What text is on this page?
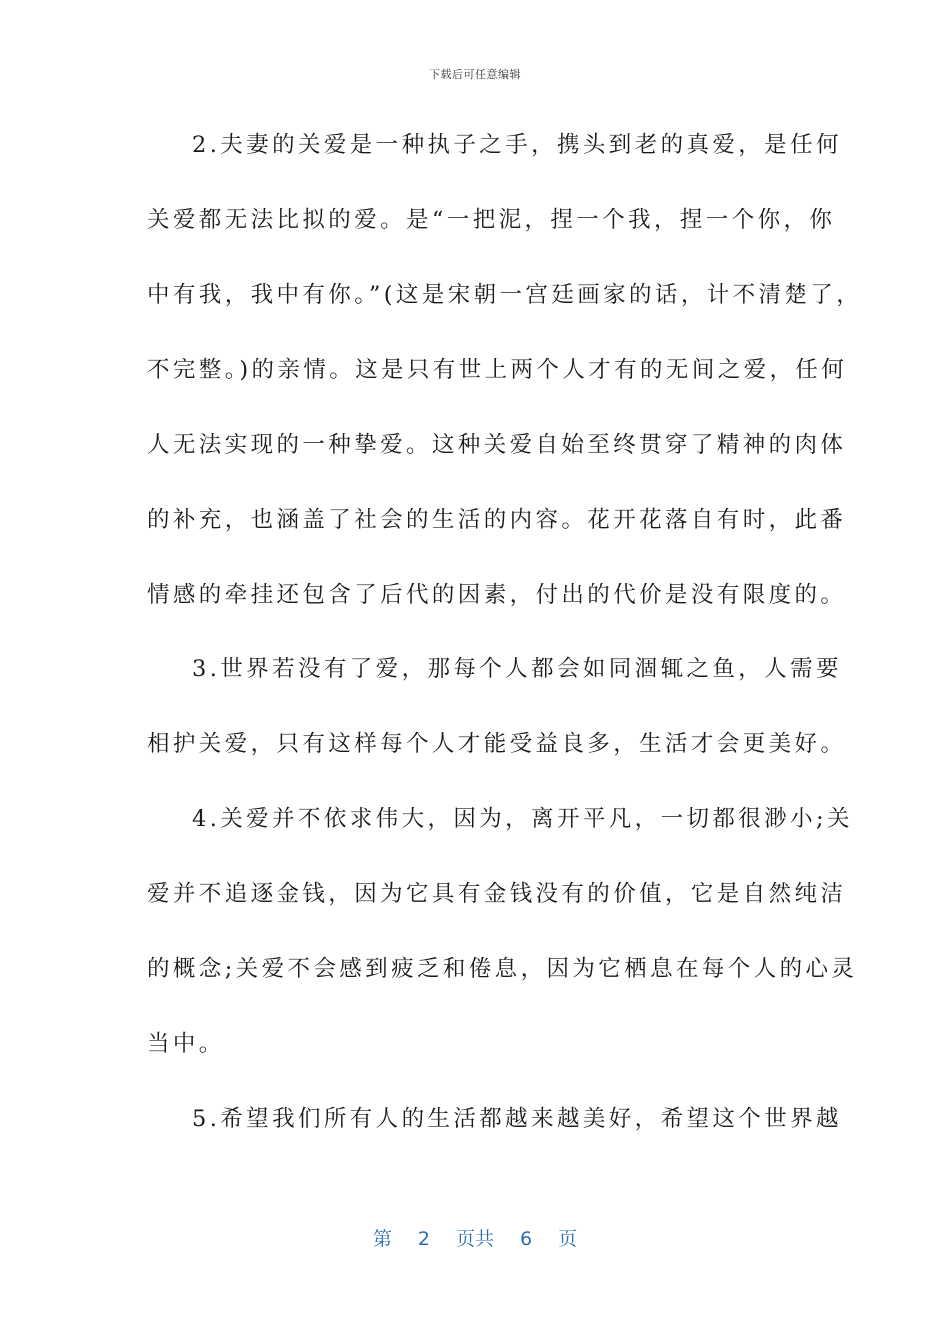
下载后可任意编辑
2.夫妻的关爱是一种执子之手，携头到老的真爱，是任何
关爱都无法比拟的爱。是“一把泥，捏一个我，捏一个你，你
中有我，我中有你。”(这是宋朝一宫廷画家的话，计不清楚了，
不完整。)的亲情。这是只有世上两个人才有的无间之爱，任何
人无法实现的一种挚爱。这种关爱自始至终贯穿了精神的肉体
的补充，也涵盖了社会的生活的内容。花开花落自有时，此番
情感的牵挂还包含了后代的因素，付出的代价是没有限度的。
3.世界若没有了爱，那每个人都会如同涸辄之鱼，人需要
相护关爱，只有这样每个人才能受益良多，生活才会更美好。
4.关爱并不依求伟大，因为，离开平凡，一切都很渺小;关
爱并不追逐金钱，因为它具有金钱没有的价值，它是自然纯洁
的概念;关爱不会感到疲乏和倦息，因为它栖息在每个人的心灵
当中。
5.希望我们所有人的生活都越来越美好，希望这个世界越
第 2 页共 6 页
